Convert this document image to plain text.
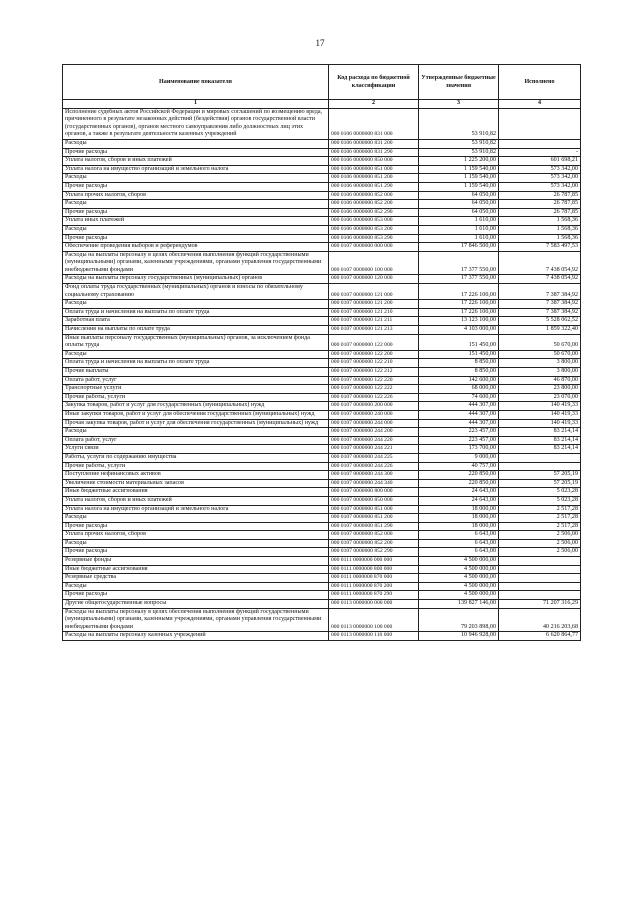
17
Наименование показателя	Код расхода по бюджетной классификации	Утвержденные бюджетные значения	Исполнено
1	2	3	4
Исполнение судебных актов Российской Федерации и мировых соглашений по возмещению вреда, причиненного в результате незаконных действий (бездействия) органов государственной власти (государственных органов), органов местного самоуправления либо должностных лиц этих органов, а также в результате деятельности казенных учреждений	000 0106 0000000 831 000	53 910,82	
Расходы	000 0106 0000000 831 200	53 910,82	
Прочие расходы	000 0106 0000000 831 290	53 910,82	-
Уплата налогов, сборов и иных платежей	000 0106 0000000 850 000	1 225 200,00	601 698,21
Уплата налога на имущество организаций и земельного налога	000 0106 0000000 851 000	1 159 540,00	573 342,00
Расходы	000 0106 0000000 851 200	1 159 540,00	573 342,00
Прочие расходы	000 0106 0000000 851 290	1 159 540,00	573 342,00
Уплата прочих налогов, сборов	000 0106 0000000 852 000	64 050,00	26 787,85
Расходы	000 0106 0000000 852 200	64 050,00	26 787,85
Прочие расходы	000 0106 0000000 852 290	64 050,00	26 787,85
Уплата иных платежей	000 0106 0000000 853 000	1 610,00	1 568,36
Расходы	000 0106 0000000 853 200	1 610,00	1 568,36
Прочие расходы	000 0106 0000000 853 290	1 610,00	1 568,36
Обеспечение проведения выборов и референдумов	000 0107 0000000 000 000	17 846 500,00	7 583 497,53
Расходы на выплаты персоналу в целях обеспечения выполнения функций государственными (муниципальными) органами, казенными учреждениями, органами управления государственными внебюджетными фондами	000 0107 0000000 100 000	17 377 550,00	7 438 054,92
Расходы на выплаты персоналу государственных (муниципальных) органов	000 0107 0000000 120 000	17 377 550,00	7 438 054,92
Фонд оплаты труда государственных (муниципальных) органов и взносы по обязательному социальному страхованию	000 0107 0000000 121 000	17 226 100,00	7 387 384,92
Расходы	000 0107 0000000 121 200	17 226 100,00	7 387 384,92
Оплата труда и начисления на выплаты по оплате труда	000 0107 0000000 121 210	17 226 100,00	7 387 384,92
Заработная плата	000 0107 0000000 121 211	13 123 100,00	5 528 062,52
Начисления на выплаты по оплате труда	000 0107 0000000 121 213	4 103 000,00	1 859 322,40
Иные выплаты персоналу государственных (муниципальных) органов, за исключением фонда оплаты труда	000 0107 0000000 122 000	151 450,00	50 670,00
Расходы	000 0107 0000000 122 200	151 450,00	50 670,00
Оплата труда и начисления на выплаты по оплате труда	000 0107 0000000 122 210	8 850,00	3 800,00
Прочие выплаты	000 0107 0000000 122 212	8 850,00	3 800,00
Оплата работ, услуг	000 0107 0000000 122 220	142 600,00	46 870,00
Транспортные услуги	000 0107 0000000 122 222	68 000,00	23 800,00
Прочие работы, услуги	000 0107 0000000 122 226	74 600,00	23 070,00
Закупка товаров, работ и услуг для государственных (муниципальных) нужд	000 0107 0000000 200 000	444 307,00	140 419,33
Иные закупки товаров, работ и услуг для обеспечения государственных (муниципальных) нужд	000 0107 0000000 240 000	444 307,00	140 419,33
Прочая закупка товаров, работ и услуг для обеспечения государственных (муниципальных) нужд	000 0107 0000000 244 000	444 307,00	140 419,33
Расходы	000 0107 0000000 244 200	223 457,00	83 214,14
Оплата работ, услуг	000 0107 0000000 244 220	223 457,00	83 214,14
Услуги связи	000 0107 0000000 244 221	173 700,00	83 214,14
Работы, услуги по содержанию имущества	000 0107 0000000 244 225	9 000,00	
Прочие работы, услуги	000 0107 0000000 244 226	40 757,00	
Поступление нефинансовых активов	000 0107 0000000 244 300	220 850,00	57 205,19
Увеличение стоимости материальных запасов	000 0107 0000000 244 340	220 850,00	57 205,19
Иные бюджетные ассигнования	000 0107 0000000 800 000	24 643,00	5 023,28
Уплата налогов, сборов и иных платежей	000 0107 0000000 850 000	24 643,00	5 023,28
Уплата налога на имущество организаций и земельного налога	000 0107 0000000 851 000	18 000,00	2 517,28
Расходы	000 0107 0000000 851 200	18 000,00	2 517,28
Прочие расходы	000 0107 0000000 851 290	18 000,00	2 517,28
Уплата прочих налогов, сборов	000 0107 0000000 852 000	6 643,00	2 506,00
Расходы	000 0107 0000000 852 200	6 643,00	2 506,00
Прочие расходы	000 0107 0000000 852 290	6 643,00	2 506,00
Резервные фонды	000 0111 0000000 000 000	4 500 000,00	
Иные бюджетные ассигнования	000 0111 0000000 800 000	4 500 000,00	
Резервные средства	000 0111 0000000 870 000	4 500 000,00	
Расходы	000 0111 0000000 870 200	4 500 000,00	
Прочие расходы	000 0111 0000000 870 290	4 500 000,00	
Другие общегосударственные вопросы	000 0113 0000000 000 000	139 827 146,00	71 207 316,29
Расходы на выплаты персоналу в целях обеспечения выполнения функций государственными (муниципальными) органами, казенными учреждениями, органами управления государственными внебюджетными фондами	000 0113 0000000 100 000	79 203 898,00	40 216 203,68
Расходы на выплаты персоналу казенных учреждений	000 0113 0000000 110 000	10 946 928,00	6 620 864,77
